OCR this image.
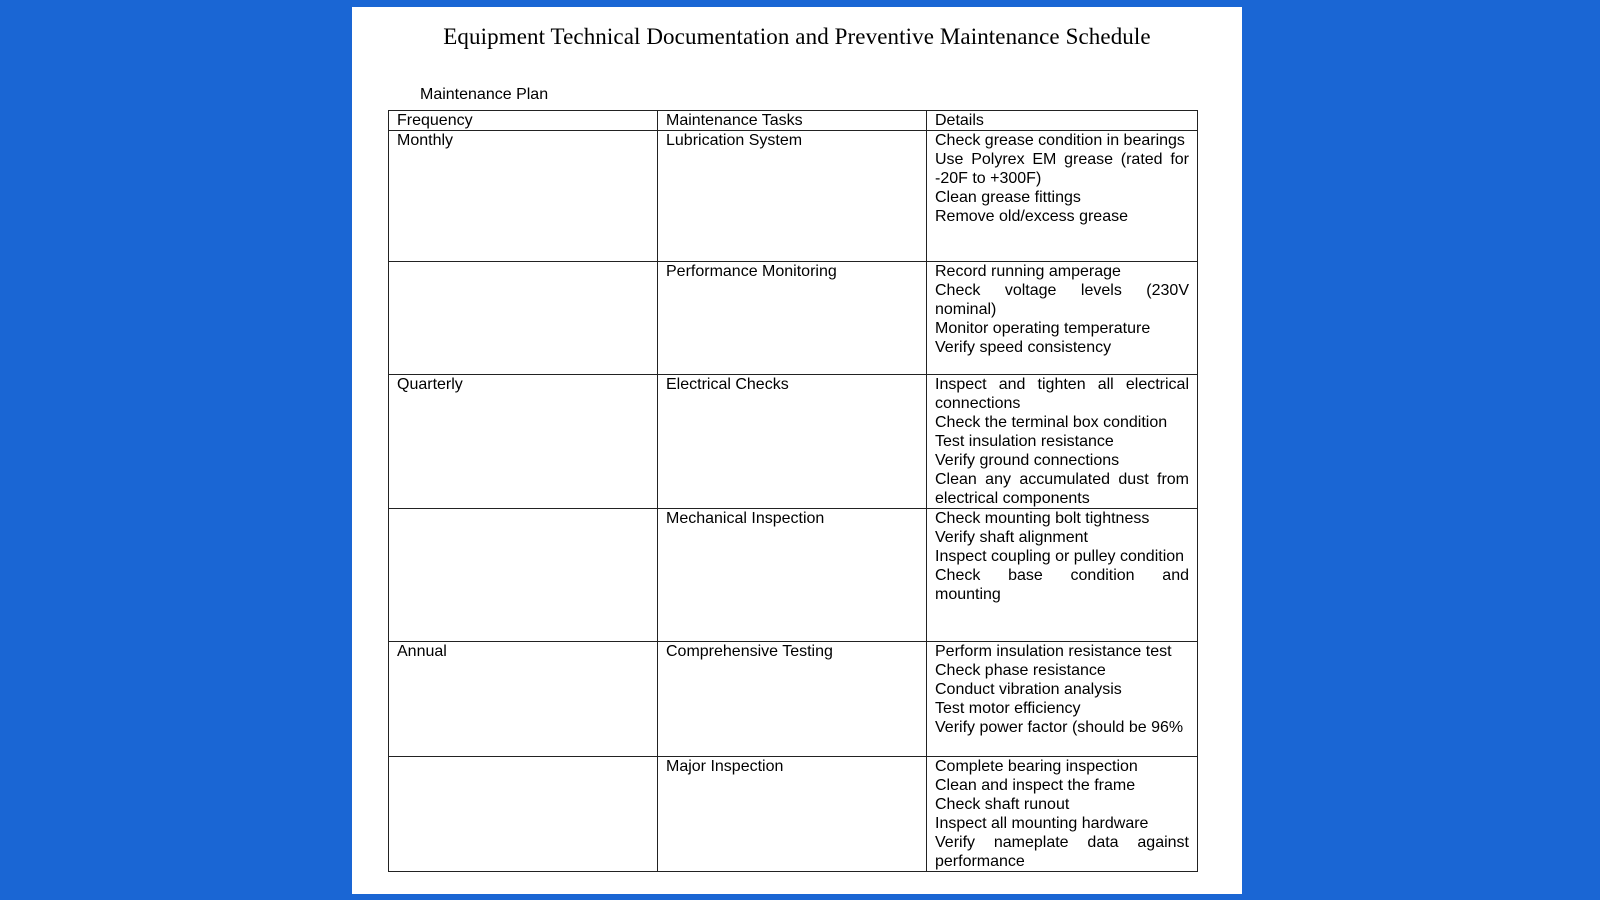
Equipment Technical Documentation and Preventive Maintenance Schedule
Maintenance Plan
Frequency	Maintenance Tasks	Details
Monthly	Lubrication System	Check grease condition in bearings
Use Polyrex EM grease (rated for -20F to +300F)
Clean grease fittings
Remove old/excess grease

	Performance Monitoring	Record running amperage
Check voltage levels (230V nominal)
Monitor operating temperature
Verify speed consistency

Quarterly	Electrical Checks	Inspect and tighten all electrical connections
Check the terminal box condition
Test insulation resistance
Verify ground connections
Clean any accumulated dust from electrical components

	Mechanical Inspection	Check mounting bolt tightness
Verify shaft alignment
Inspect coupling or pulley condition
Check base condition and mounting

Annual	Comprehensive Testing	Perform insulation resistance test
Check phase resistance
Conduct vibration analysis
Test motor efficiency
Verify power factor (should be 96%

	Major Inspection	Complete bearing inspection
Clean and inspect the frame
Check shaft runout
Inspect all mounting hardware
Verify nameplate data against performance
